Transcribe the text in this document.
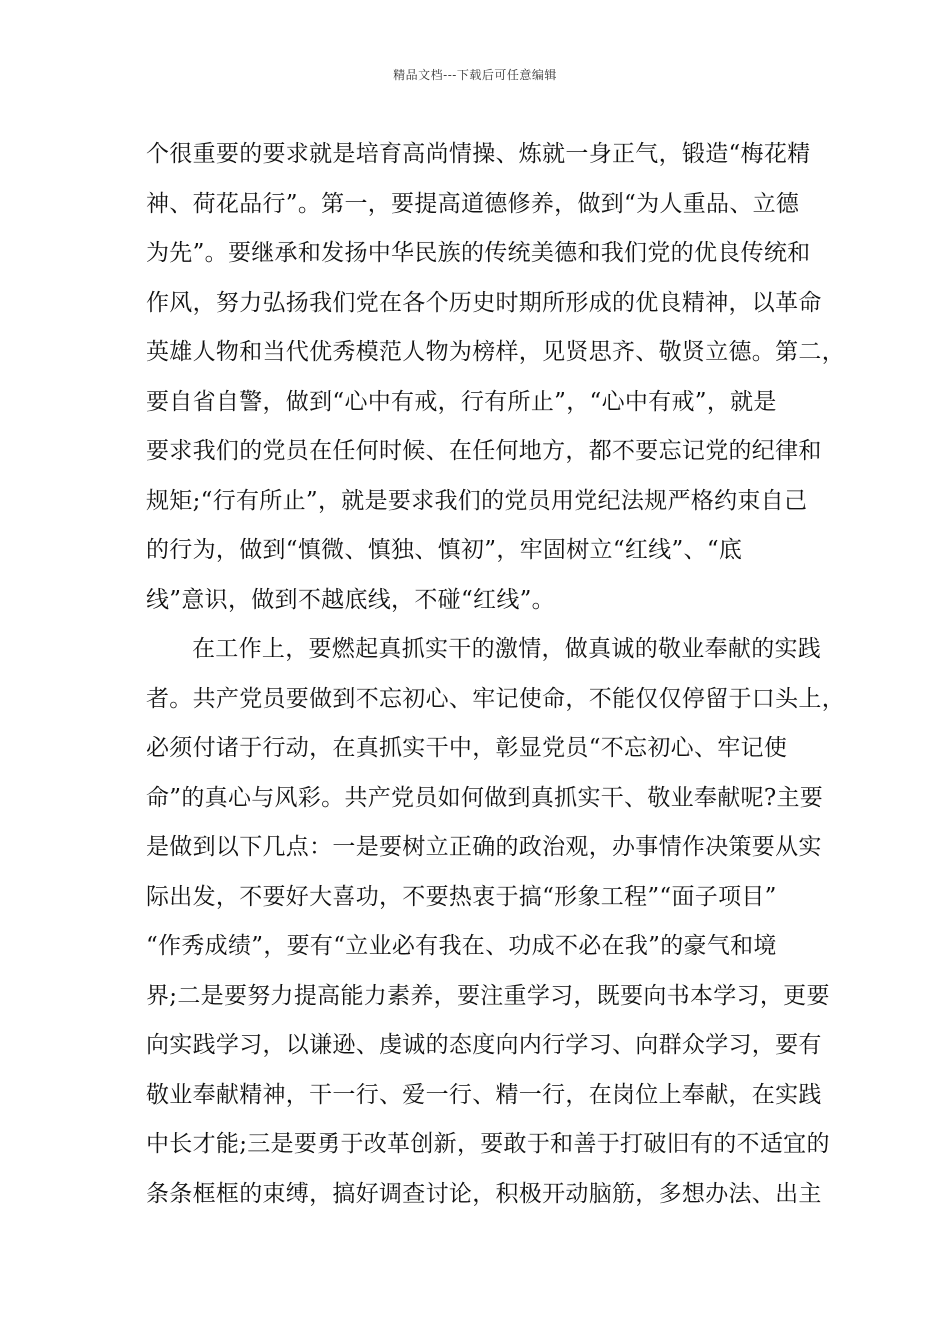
精品文档---下载后可任意编辑
个很重要的要求就是培育高尚情操、炼就一身正气，锻造“梅花精
神、荷花品行”。第一，要提高道德修养，做到“为人重品、立德
为先”。要继承和发扬中华民族的传统美德和我们党的优良传统和
作风，努力弘扬我们党在各个历史时期所形成的优良精神，以革命
英雄人物和当代优秀模范人物为榜样，见贤思齐、敬贤立德。第二，
要自省自警，做到“心中有戒，行有所止”，“心中有戒”，就是
要求我们的党员在任何时候、在任何地方，都不要忘记党的纪律和
规矩;“行有所止”，就是要求我们的党员用党纪法规严格约束自己
的行为，做到“慎微、慎独、慎初”，牢固树立“红线”、“底
线”意识，做到不越底线，不碰“红线”。
在工作上，要燃起真抓实干的激情，做真诚的敬业奉献的实践
者。共产党员要做到不忘初心、牢记使命，不能仅仅停留于口头上，
必须付诸于行动，在真抓实干中，彰显党员“不忘初心、牢记使
命”的真心与风彩。共产党员如何做到真抓实干、敬业奉献呢?主要
是做到以下几点：一是要树立正确的政治观，办事情作决策要从实
际出发，不要好大喜功，不要热衷于搞“形象工程”“面子项目”
“作秀成绩”，要有“立业必有我在、功成不必在我”的豪气和境
界;二是要努力提高能力素养，要注重学习，既要向书本学习，更要
向实践学习，以谦逊、虔诚的态度向内行学习、向群众学习，要有
敬业奉献精神，干一行、爱一行、精一行，在岗位上奉献，在实践
中长才能;三是要勇于改革创新，要敢于和善于打破旧有的不适宜的
条条框框的束缚，搞好调查讨论，积极开动脑筋，多想办法、出主
